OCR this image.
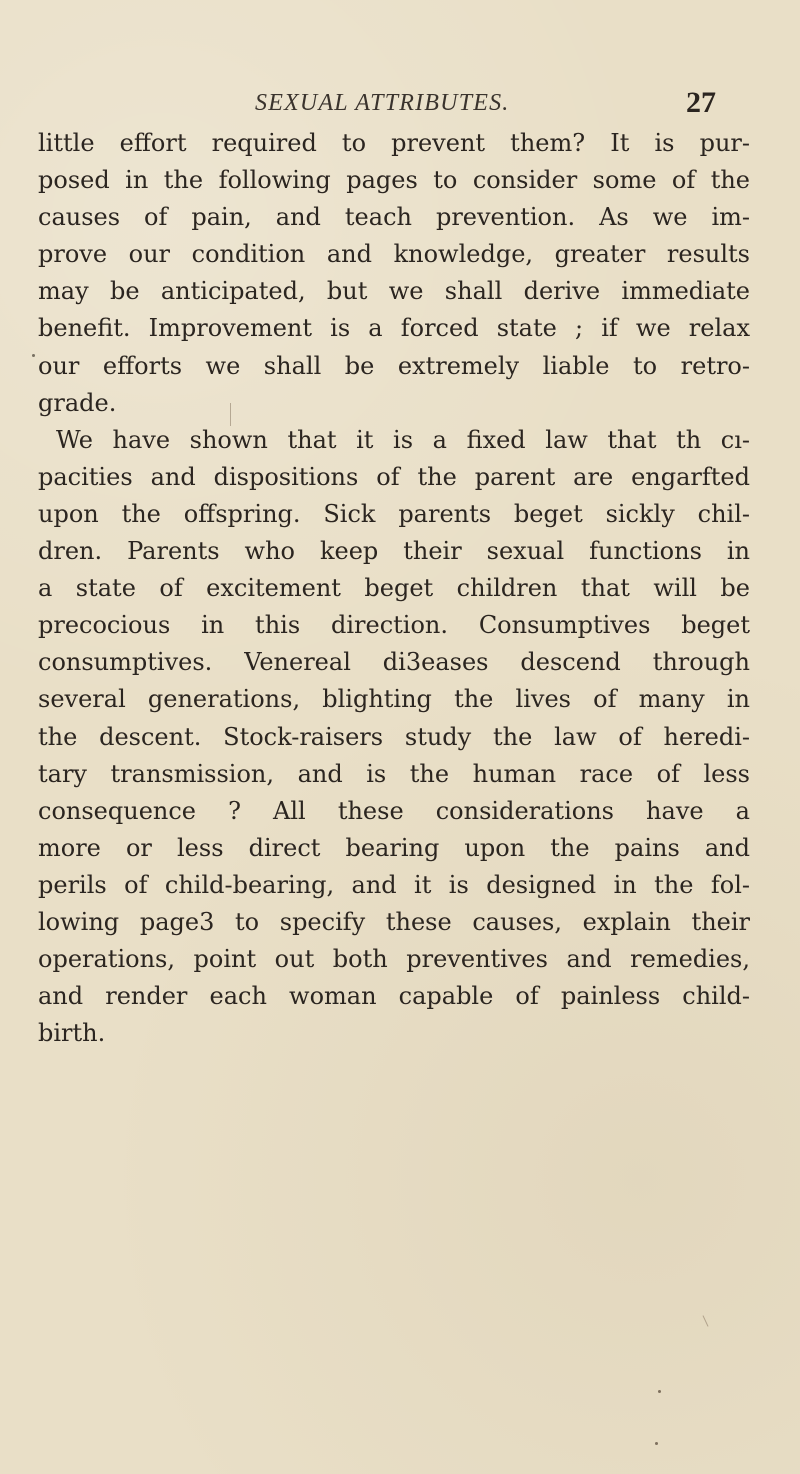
SEXUAL ATTRIBUTES.	27
little effort required to prevent them? It is pur-
posed in the following pages to consider some of the
causes of pain, and teach prevention. As we im-
prove our condition and knowledge, greater results
may be anticipated, but we shall derive immediate
benefit. Improvement is a forced state ; if we relax
our efforts we shall be extremely liable to retro-
grade.
We have shown that it is a fixed law that th cı-
pacities and dispositions of the parent are engarfted
upon the offspring. Sick parents beget sickly chil-
dren. Parents who keep their sexual functions in
a state of excitement beget children that will be
precocious in this direction. Consumptives beget
consumptives. Venereal di3eases descend through
several generations, blighting the lives of many in
the descent. Stock-raisers study the law of heredi-
tary transmission, and is the human race of less
consequence ? All these considerations have a
more or less direct bearing upon the pains and
perils of child-bearing, and it is designed in the fol-
lowing page3 to specify these causes, explain their
operations, point out both preventives and remedies,
and render each woman capable of painless child-
birth.
